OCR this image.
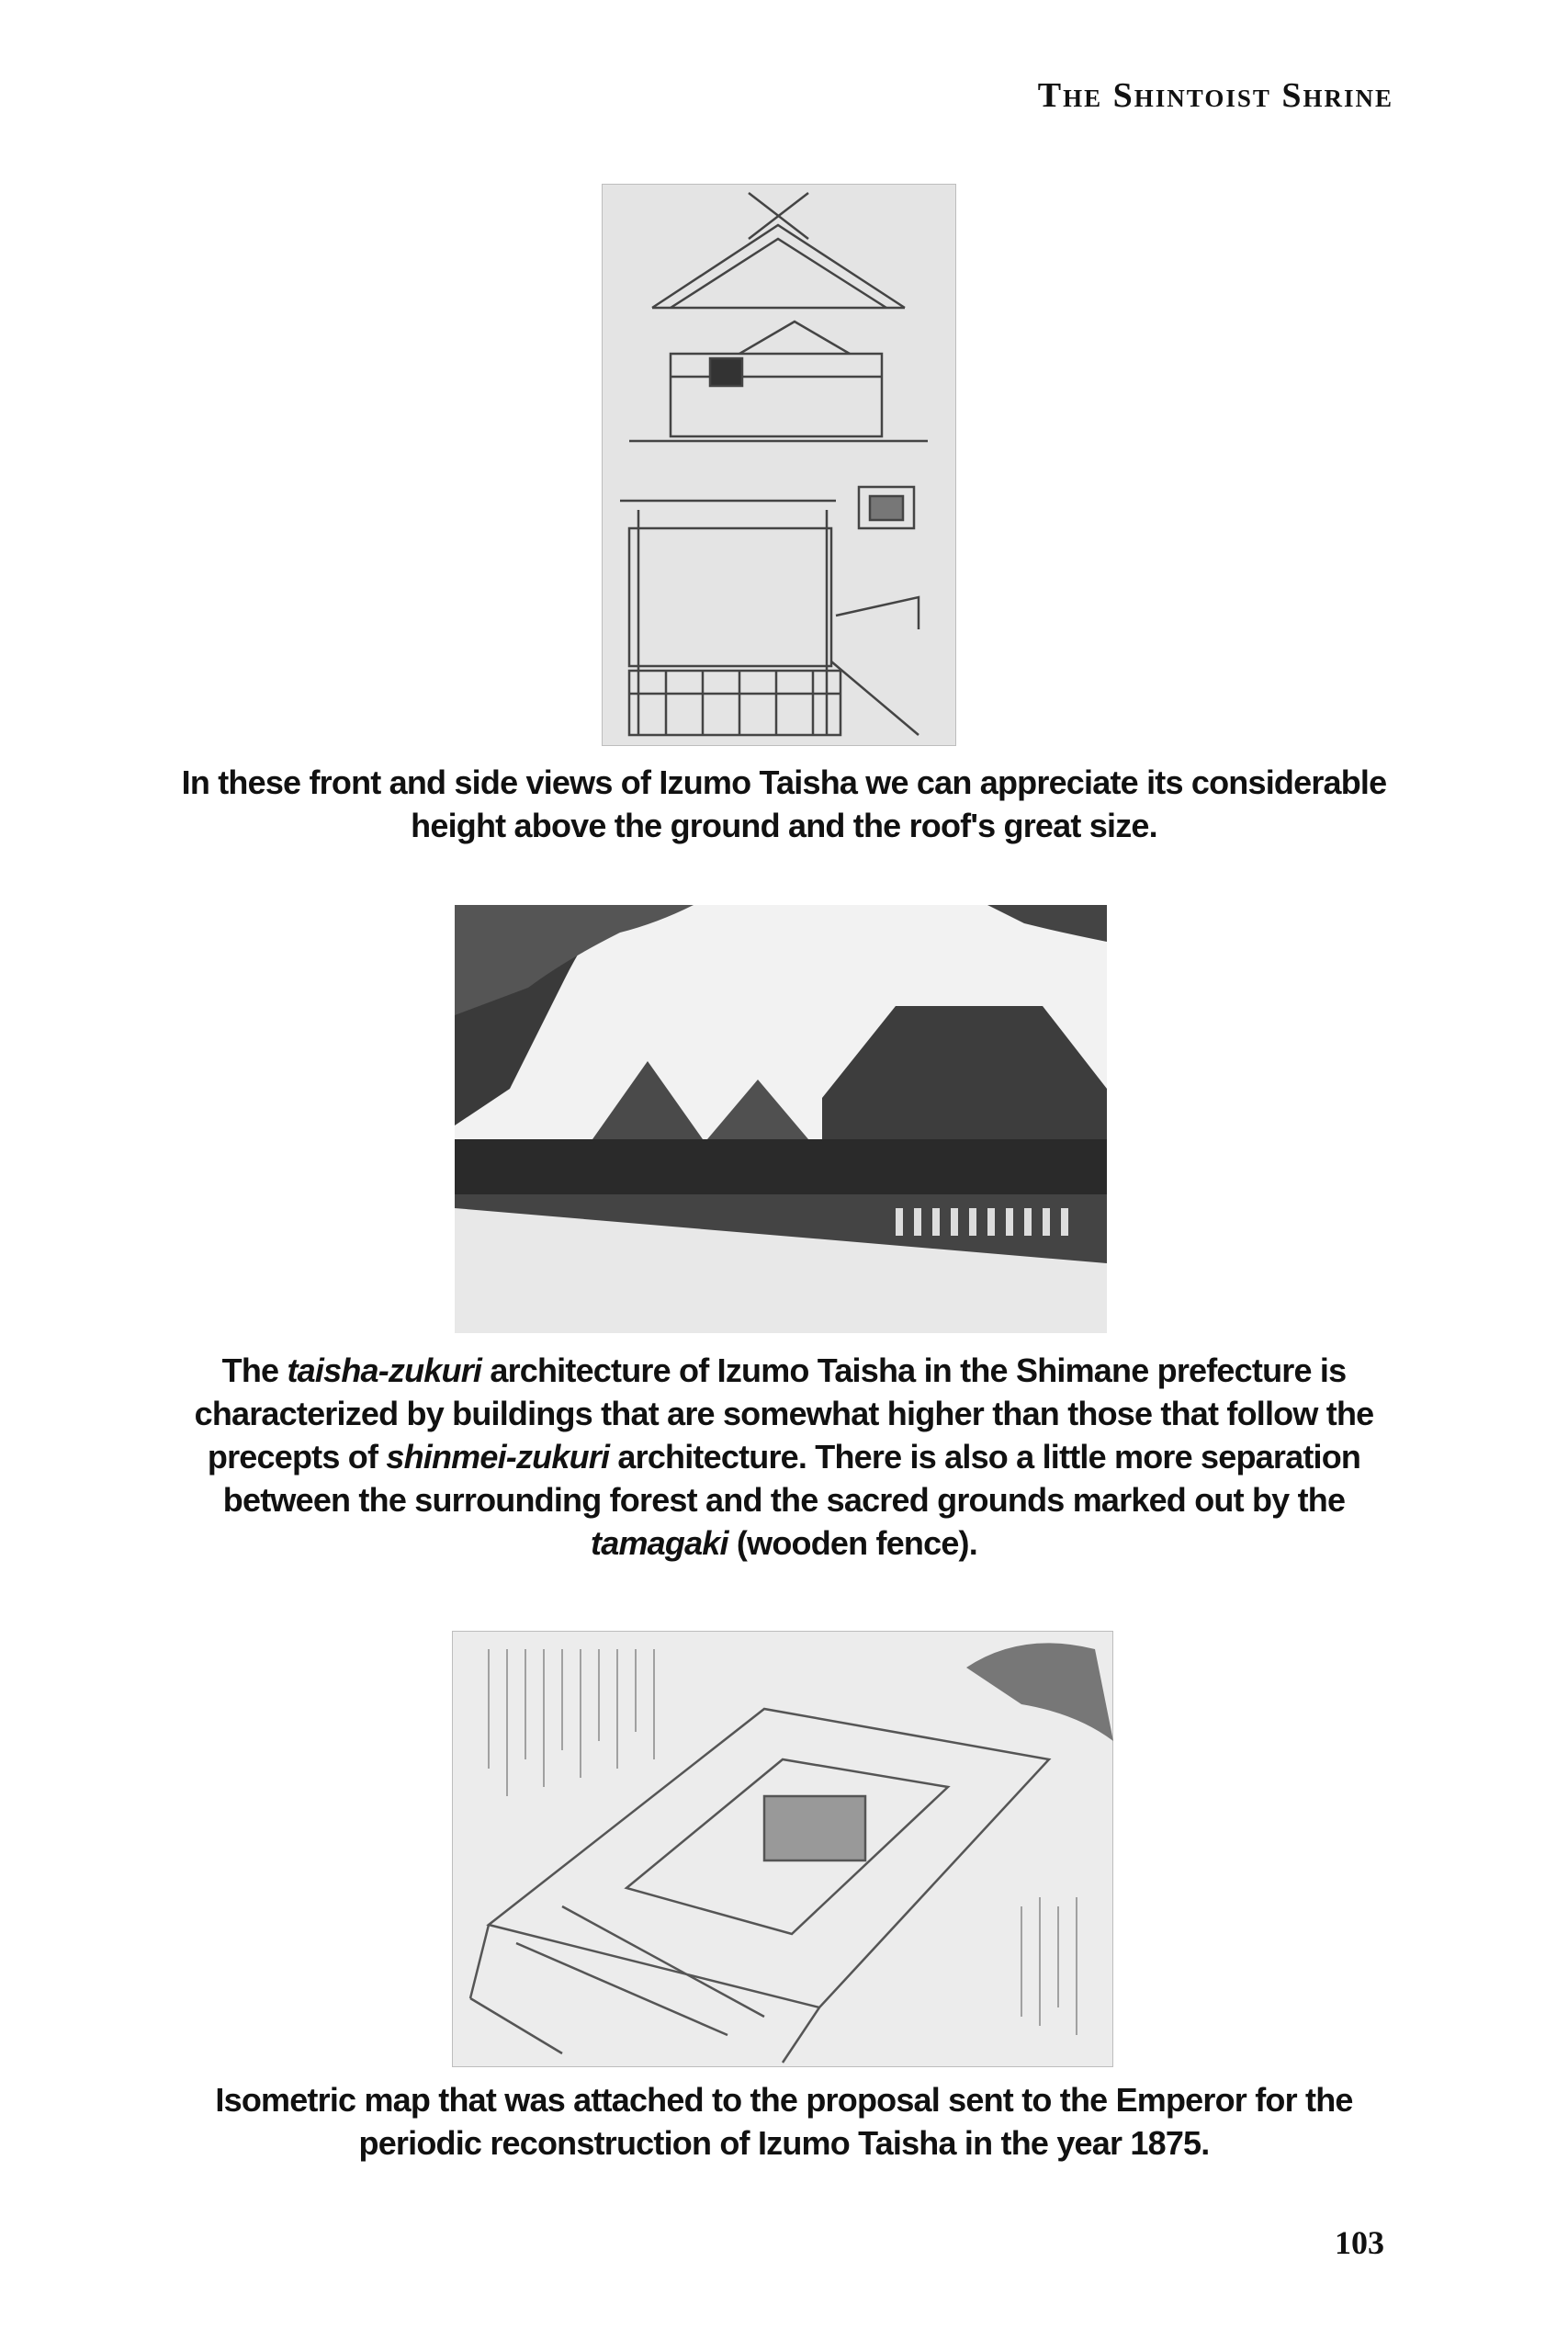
The Shintoist Shrine
In these front and side views of Izumo Taisha we can appreciate its considerable height above the ground and the roof's great size.
The taisha-zukuri architecture of Izumo Taisha in the Shimane prefecture is characterized by buildings that are somewhat higher than those that follow the precepts of shinmei-zukuri architecture. There is also a little more separation between the surrounding forest and the sacred grounds marked out by the tamagaki (wooden fence).
Isometric map that was attached to the proposal sent to the Emperor for the periodic reconstruction of Izumo Taisha in the year 1875.
103
